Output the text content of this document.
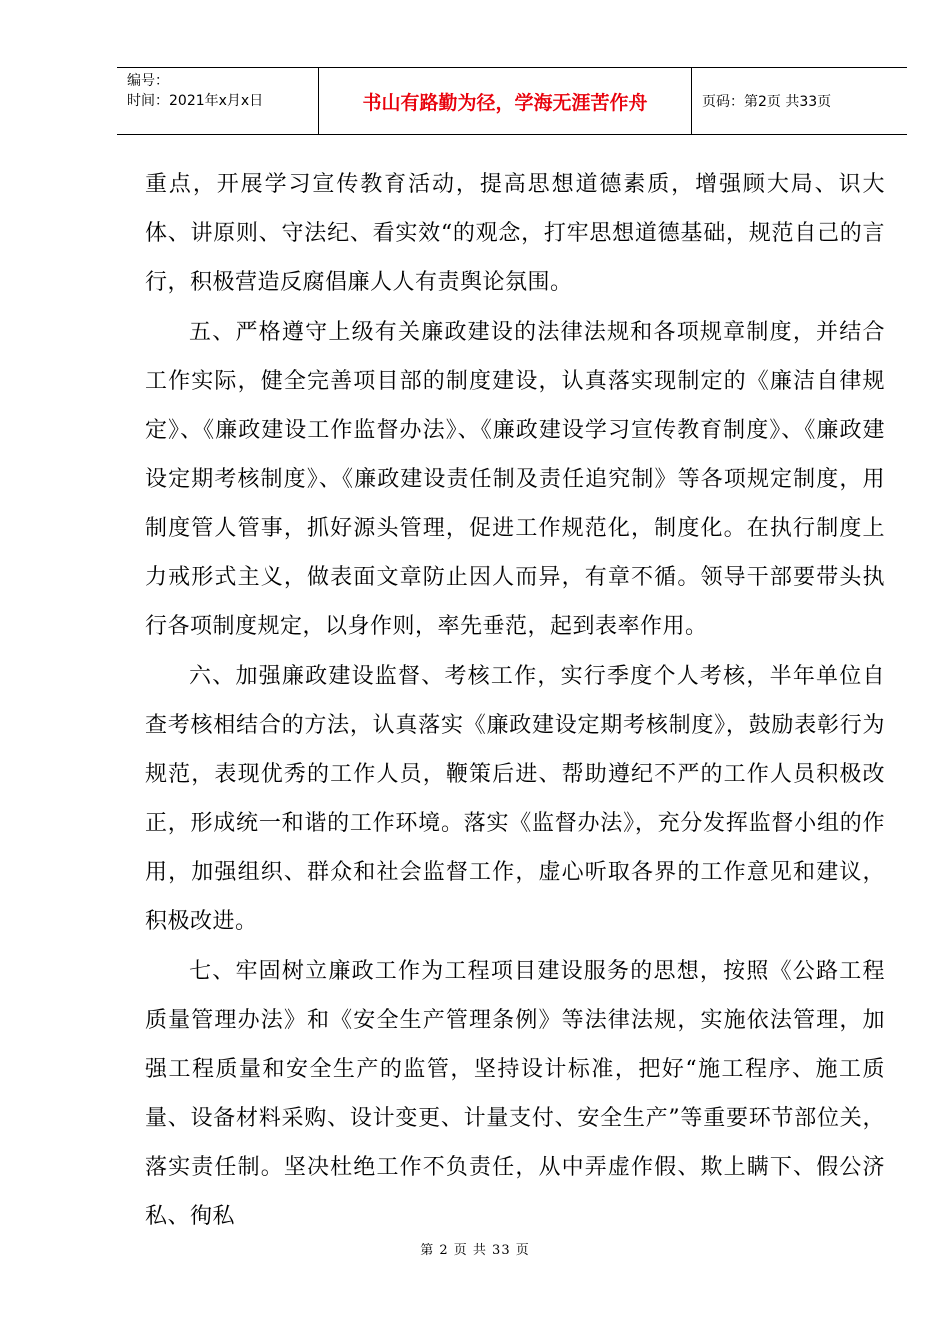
编号：
时间：2021年x月x日	书山有路勤为径，学海无涯苦作舟	页码：第2页 共33页

重点，开展学习宣传教育活动，提高思想道德素质，增强顾大局、识大体、讲原则、守法纪、看实效“的观念，打牢思想道德基础，规范自己的言行，积极营造反腐倡廉人人有责舆论氛围。

五、严格遵守上级有关廉政建设的法律法规和各项规章制度，并结合工作实际，健全完善项目部的制度建设，认真落实现制定的《廉洁自律规定》、《廉政建设工作监督办法》、《廉政建设学习宣传教育制度》、《廉政建设定期考核制度》、《廉政建设责任制及责任追究制》等各项规定制度，用制度管人管事，抓好源头管理，促进工作规范化，制度化。在执行制度上力戒形式主义，做表面文章防止因人而异，有章不循。领导干部要带头执行各项制度规定，以身作则，率先垂范，起到表率作用。

六、加强廉政建设监督、考核工作，实行季度个人考核，半年单位自查考核相结合的方法，认真落实《廉政建设定期考核制度》，鼓励表彰行为规范，表现优秀的工作人员，鞭策后进、帮助遵纪不严的工作人员积极改正，形成统一和谐的工作环境。落实《监督办法》，充分发挥监督小组的作用，加强组织、群众和社会监督工作，虚心听取各界的工作意见和建议，积极改进。

七、牢固树立廉政工作为工程项目建设服务的思想，按照《公路工程质量管理办法》和《安全生产管理条例》等法律法规，实施依法管理，加强工程质量和安全生产的监管，坚持设计标准，把好“施工程序、施工质量、设备材料采购、设计变更、计量支付、安全生产”等重要环节部位关，落实责任制。坚决杜绝工作不负责任，从中弄虚作假、欺上瞒下、假公济私、徇私

第 2 页 共 33 页
